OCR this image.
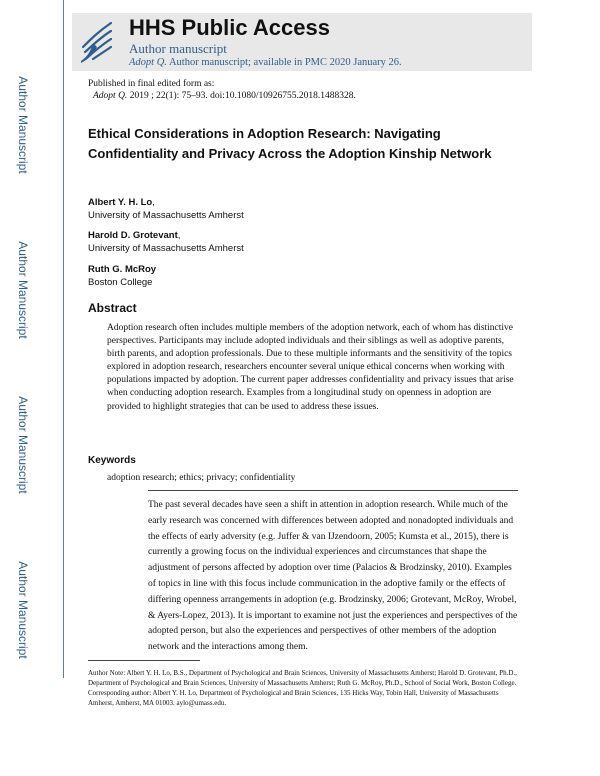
Author Manuscript
Author Manuscript
Author Manuscript
Author Manuscript
HHS Public Access
Author manuscript
Adopt Q. Author manuscript; available in PMC 2020 January 26.
Published in final edited form as:
Adopt Q. 2019 ; 22(1): 75–93. doi:10.1080/10926755.2018.1488328.
Ethical Considerations in Adoption Research: Navigating Confidentiality and Privacy Across the Adoption Kinship Network
Albert Y. H. Lo,
University of Massachusetts Amherst
Harold D. Grotevant,
University of Massachusetts Amherst
Ruth G. McRoy
Boston College
Abstract
Adoption research often includes multiple members of the adoption network, each of whom has distinctive perspectives. Participants may include adopted individuals and their siblings as well as adoptive parents, birth parents, and adoption professionals. Due to these multiple informants and the sensitivity of the topics explored in adoption research, researchers encounter several unique ethical concerns when working with populations impacted by adoption. The current paper addresses confidentiality and privacy issues that arise when conducting adoption research. Examples from a longitudinal study on openness in adoption are provided to highlight strategies that can be used to address these issues.
Keywords
adoption research; ethics; privacy; confidentiality
The past several decades have seen a shift in attention in adoption research. While much of the early research was concerned with differences between adopted and nonadopted individuals and the effects of early adversity (e.g. Juffer & van IJzendoorn, 2005; Kumsta et al., 2015), there is currently a growing focus on the individual experiences and circumstances that shape the adjustment of persons affected by adoption over time (Palacios & Brodzinsky, 2010). Examples of topics in line with this focus include communication in the adoptive family or the effects of differing openness arrangements in adoption (e.g. Brodzinsky, 2006; Grotevant, McRoy, Wrobel, & Ayers-Lopez, 2013). It is important to examine not just the experiences and perspectives of the adopted person, but also the experiences and perspectives of other members of the adoption network and the interactions among them.
Author Note: Albert Y. H. Lo, B.S., Department of Psychological and Brain Sciences, University of Massachusetts Amherst; Harold D. Grotevant, Ph.D., Department of Psychological and Brain Sciences, University of Massachusetts Amherst; Ruth G. McRoy, Ph.D., School of Social Work, Boston College. Corresponding author: Albert Y. H. Lo, Department of Psychological and Brain Sciences, 135 Hicks Way, Tobin Hall, University of Massachusetts Amherst, Amherst, MA 01003. aylo@umass.edu.
